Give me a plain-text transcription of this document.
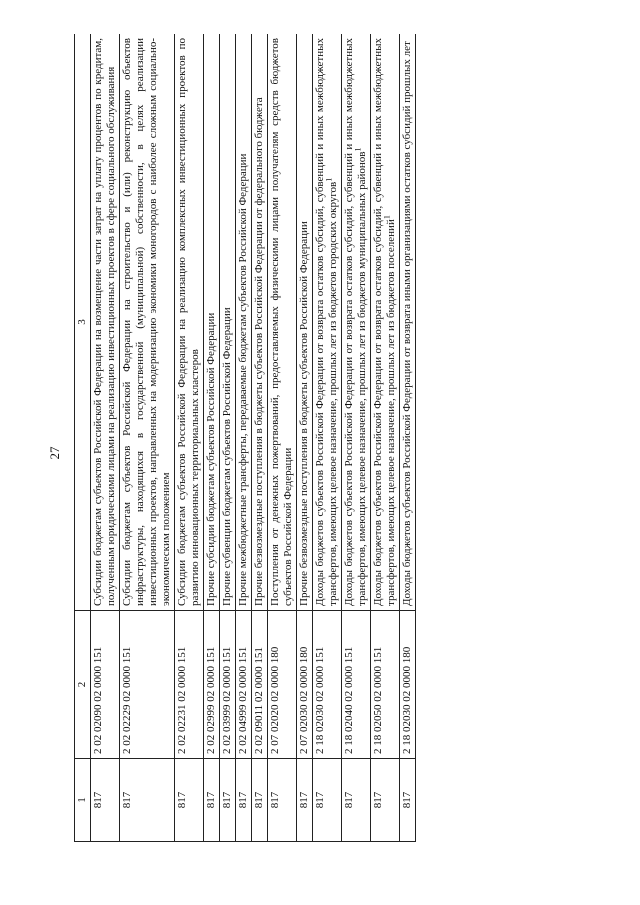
27
1	2	3
817	2 02 02090 02 0000 151	Субсидии бюджетам субъектов Российской Федерации на возмещение части затрат на уплату процентов по кредитам, полученным юридическими лицами на реализацию инвестиционных проектов в сфере социального обслуживания
817	2 02 02229 02 0000 151	Субсидии бюджетам субъектов Российской Федерации на строительство и (или) реконструкцию объектов инфраструктуры, находящихся в государственной (муниципальной) собственности, в целях реализации инвестиционных проектов, направленных на модернизацию экономики моногородов с наиболее сложным социально-экономическим положением
817	2 02 02231 02 0000 151	Субсидии бюджетам субъектов Российской Федерации на реализацию комплексных инвестиционных проектов по развитию инновационных территориальных кластеров
817	2 02 02999 02 0000 151	Прочие субсидии бюджетам субъектов Российской Федерации
817	2 02 03999 02 0000 151	Прочие субвенции бюджетам субъектов Российской Федерации
817	2 02 04999 02 0000 151	Прочие межбюджетные трансферты, передаваемые бюджетам субъектов Российской Федерации
817	2 02 09011 02 0000 151	Прочие безвозмездные поступления в бюджеты субъектов Российской Федерации от федерального бюджета
817	2 07 02020 02 0000 180	Поступления от денежных пожертвований, предоставляемых физическими лицами получателям средств бюджетов субъектов Российской Федерации
817	2 07 02030 02 0000 180	Прочие безвозмездные поступления в бюджеты субъектов Российской Федерации
817	2 18 02030 02 0000 151	Доходы бюджетов субъектов Российской Федерации от возврата остатков субсидий, субвенций и иных межбюджетных трансфертов, имеющих целевое назначение, прошлых лет из бюджетов городских округов$^1$
817	2 18 02040 02 0000 151	Доходы бюджетов субъектов Российской Федерации от возврата остатков субсидий, субвенций и иных межбюджетных трансфертов, имеющих целевое назначение, прошлых лет из бюджетов муниципальных районов$^1$
817	2 18 02050 02 0000 151	Доходы бюджетов субъектов Российской Федерации от возврата остатков субсидий, субвенций и иных межбюджетных трансфертов, имеющих целевое назначение, прошлых лет из бюджетов поселений$^1$
817	2 18 02030 02 0000 180	Доходы бюджетов субъектов Российской Федерации от возврата иными организациями остатков субсидий прошлых лет
